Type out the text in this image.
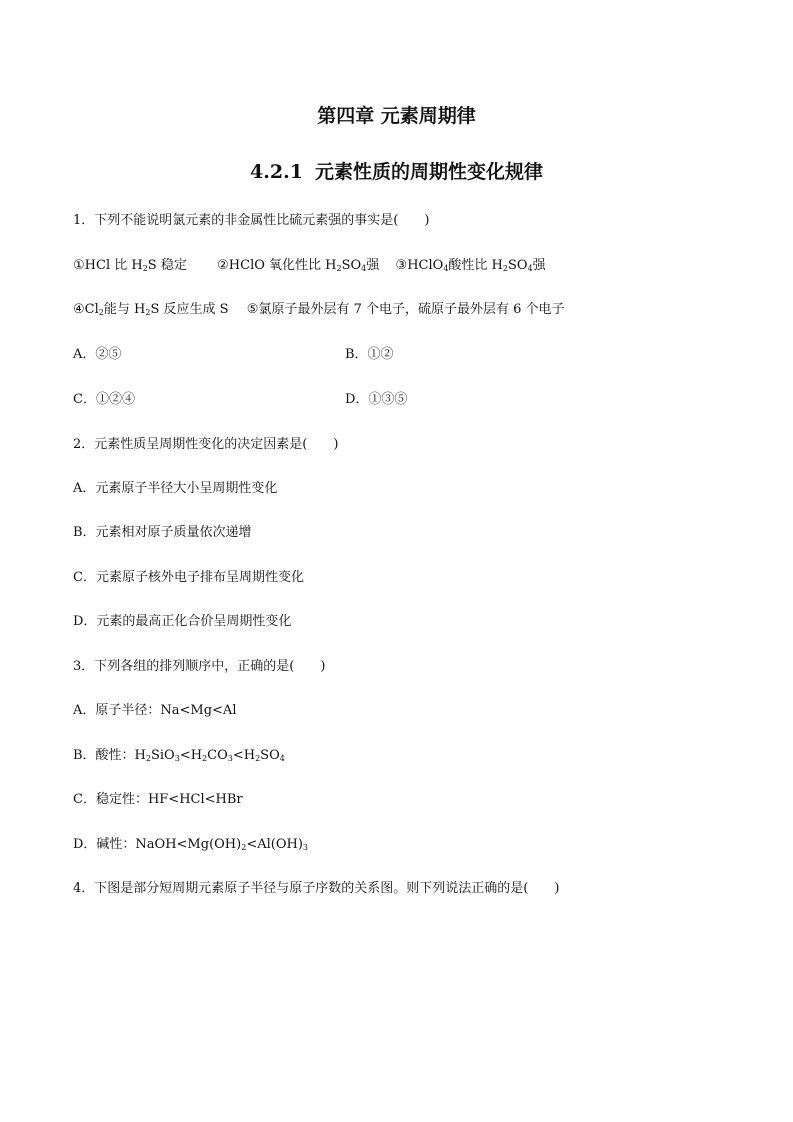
第四章 元素周期律
4.2.1 元素性质的周期性变化规律
1．下列不能说明氯元素的非金属性比硫元素强的事实是(　　)
①HCl 比 $H_2S$ 稳定 ②HClO 氧化性比 $H_2SO_4$强 ③HClO$_4$酸性比 $H_2SO_4$强
$④Cl_2$能与 $H_2S$ 反应生成 S ⑤氯原子最外层有 7 个电子，硫原子最外层有 6 个电子
A．②⑤	B．①②
C．①②④	D．①③⑤
2．元素性质呈周期性变化的决定因素是(　　)
A．元素原子半径大小呈周期性变化
B．元素相对原子质量依次递增
C．元素原子核外电子排布呈周期性变化
D．元素的最高正化合价呈周期性变化
3．下列各组的排列顺序中，正确的是(　　)
A．原子半径：Na<Mg<Al
B．酸性：$H_2SiO_3<H_2CO_3<H_2SO_4$
C．稳定性：HF<HCl<HBr
D．碱性：$NaOH<Mg(OH)_2<Al(OH)_3$
4．下图是部分短周期元素原子半径与原子序数的关系图。则下列说法正确的是(　　)
